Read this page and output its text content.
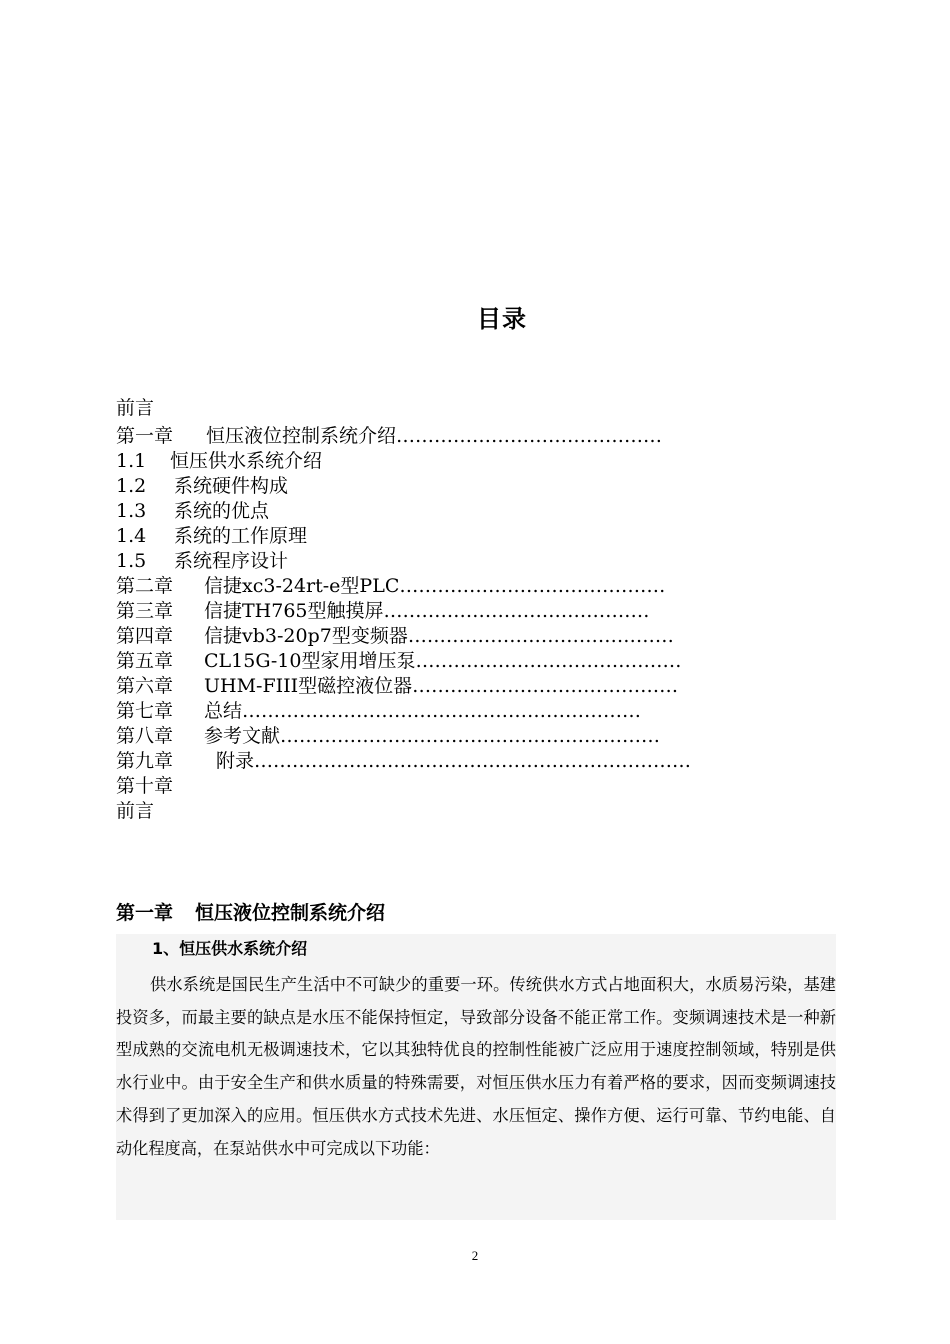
目录
前言
第一章 恒压液位控制系统介绍……………………………………
1.1 恒压供水系统介绍
1.2 系统硬件构成
1.3 系统的优点
1.4 系统的工作原理
1.5 系统程序设计
第二章 信捷xc3-24rt-e型PLC……………………………………
第三章 信捷TH765型触摸屏……………………………………
第四章 信捷vb3-20p7型变频器……………………………………
第五章 CL15G-10型家用增压泵……………………………………
第六章 UHM-FIII型磁控液位器……………………………………
第七章 总结………………………………………………………
第八章 参考文献……………………………………………………
第九章 附录……………………………………………………………
第十章
前言
第一章 恒压液位控制系统介绍
1、恒压供水系统介绍

供水系统是国民生产生活中不可缺少的重要一环。传统供水方式占地面积大，水质易污染，基建投资多，而最主要的缺点是水压不能保持恒定，导致部分设备不能正常工作。变频调速技术是一种新型成熟的交流电机无极调速技术，它以其独特优良的控制性能被广泛应用于速度控制领域，特别是供水行业中。由于安全生产和供水质量的特殊需要，对恒压供水压力有着严格的要求，因而变频调速技术得到了更加深入的应用。恒压供水方式技术先进、水压恒定、操作方便、运行可靠、节约电能、自动化程度高，在泵站供水中可完成以下功能：

2
